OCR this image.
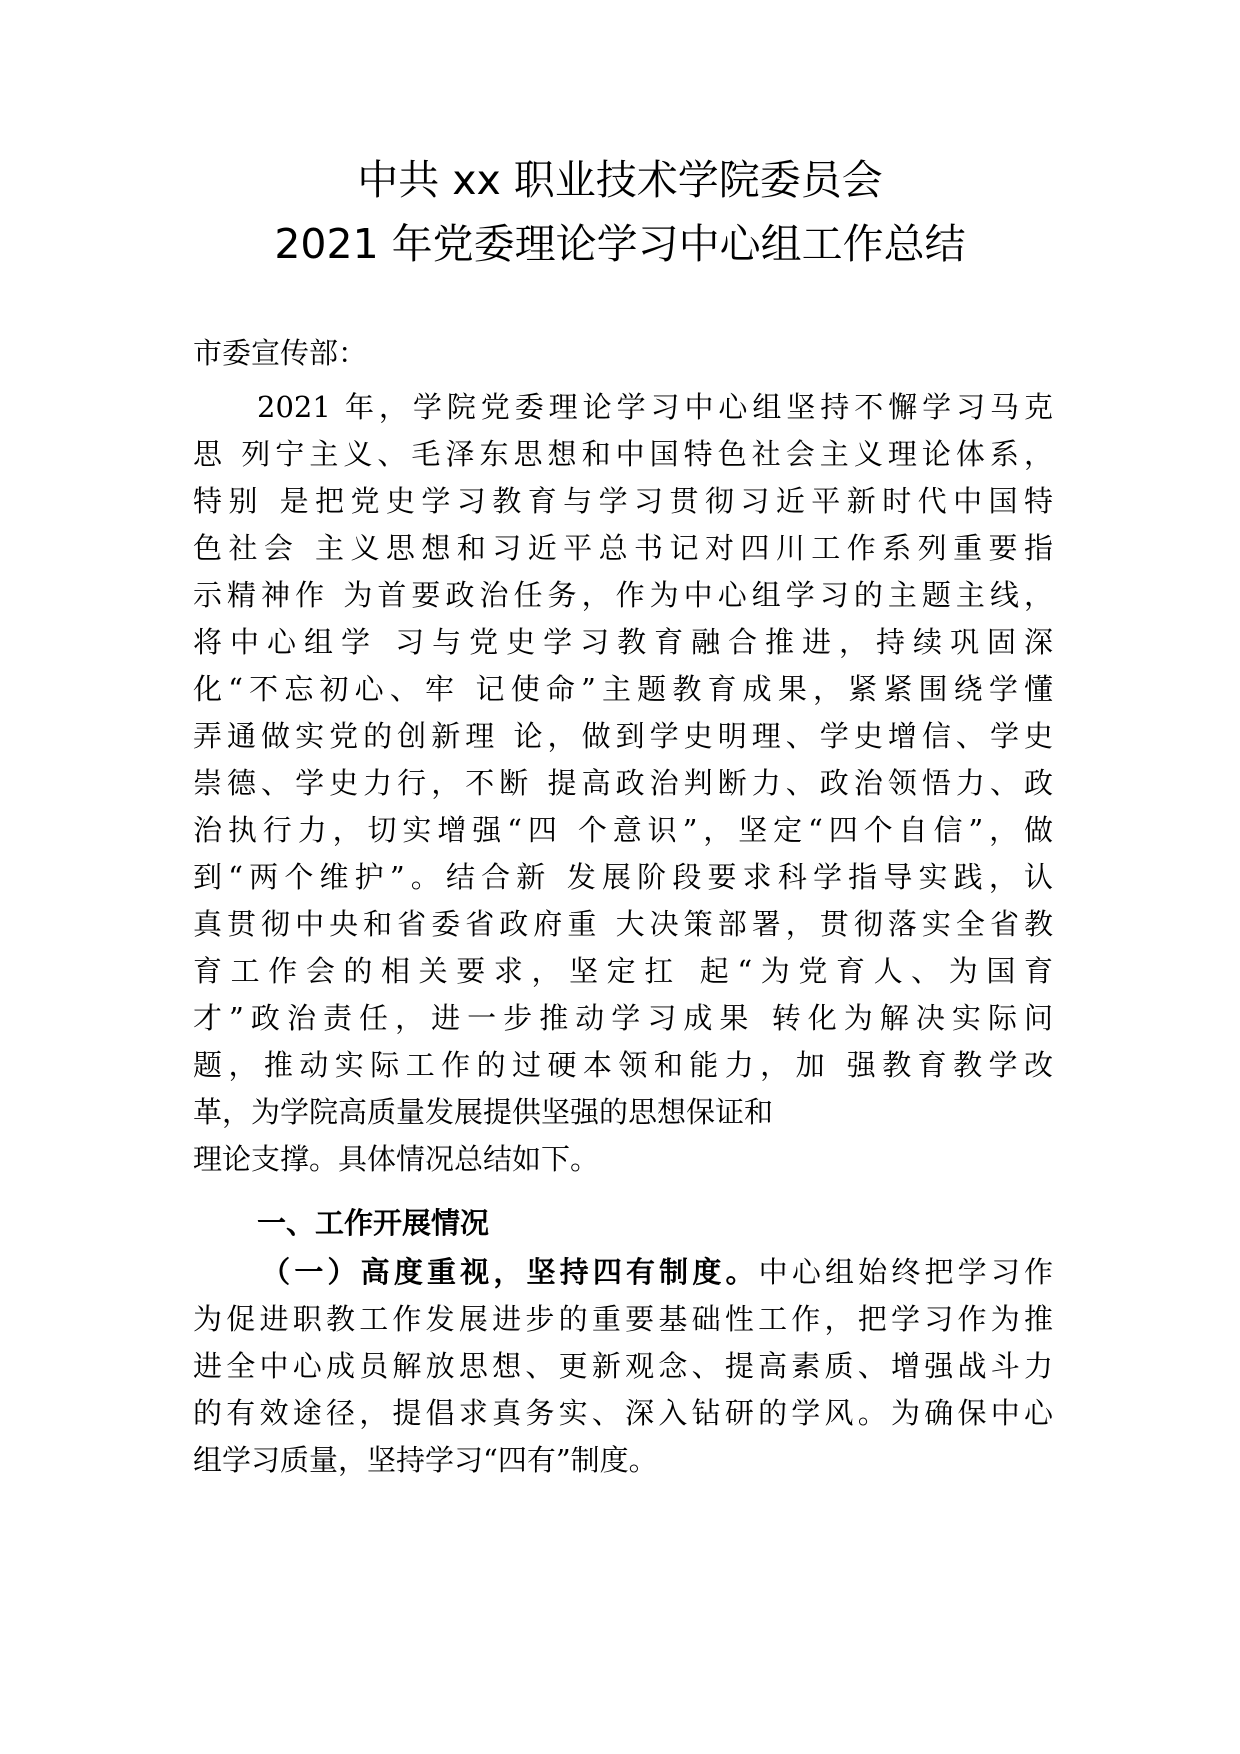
中共 xx 职业技术学院委员会
2021 年党委理论学习中心组工作总结
市委宣传部：
2021 年，学院党委理论学习中心组坚持不懈学习马克
思 列宁主义、毛泽东思想和中国特色社会主义理论体系，
特别 是把党史学习教育与学习贯彻习近平新时代中国特
色社会 主义思想和习近平总书记对四川工作系列重要指
示精神作 为首要政治任务，作为中心组学习的主题主线，
将中心组学 习与党史学习教育融合推进，持续巩固深
化“不忘初心、牢 记使命”主题教育成果，紧紧围绕学懂
弄通做实党的创新理 论，做到学史明理、学史增信、学史
崇德、学史力行，不断 提高政治判断力、政治领悟力、政
治执行力，切实增强“四 个意识”，坚定“四个自信”，做
到“两个维护”。结合新 发展阶段要求科学指导实践，认
真贯彻中央和省委省政府重 大决策部署，贯彻落实全省教
育工作会的相关要求，坚定扛 起“为党育人、为国育
才”政治责任，进一步推动学习成果 转化为解决实际问
题，推动实际工作的过硬本领和能力，加 强教育教学改
革，为学院高质量发展提供坚强的思想保证和
理论支撑。具体情况总结如下。
一、工作开展情况
（一）高度重视，坚持四有制度。中心组始终把学习作
为促进职教工作发展进步的重要基础性工作，把学习作为推
进全中心成员解放思想、更新观念、提高素质、增强战斗力
的有效途径，提倡求真务实、深入钻研的学风。为确保中心
组学习质量，坚持学习“四有”制度。
